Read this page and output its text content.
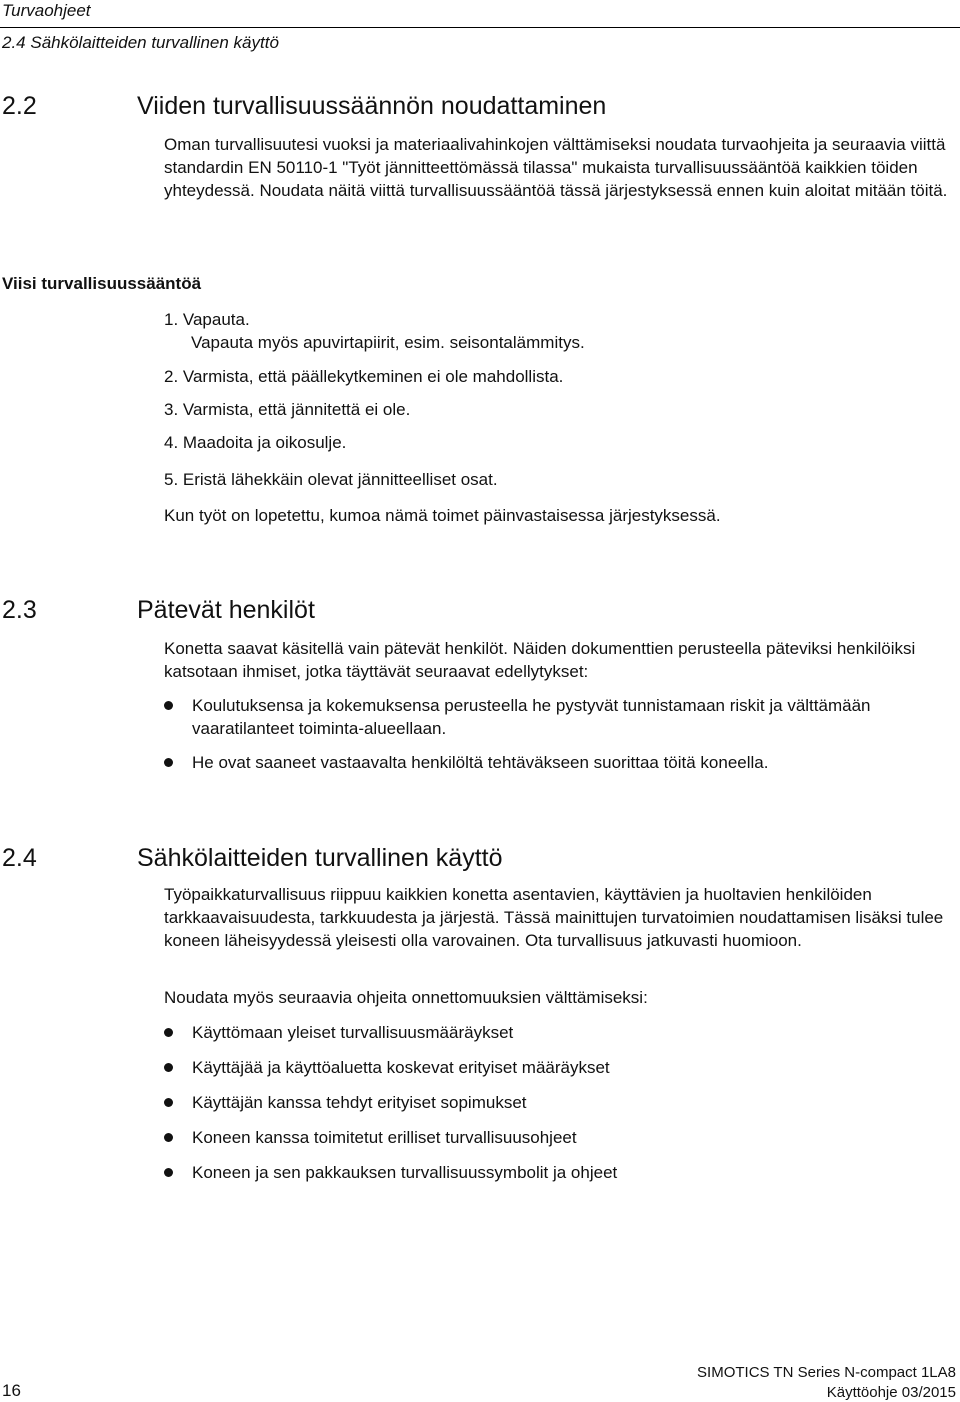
Turvaohjeet
2.4 Sähkölaitteiden turvallinen käyttö
2.2	Viiden turvallisuussäännön noudattaminen
Oman turvallisuutesi vuoksi ja materiaalivahinkojen välttämiseksi noudata turvaohjeita ja seuraavia viittä standardin EN 50110-1 "Työt jännitteettömässä tilassa" mukaista turvallisuussääntöä kaikkien töiden yhteydessä. Noudata näitä viittä turvallisuussääntöä tässä järjestyksessä ennen kuin aloitat mitään töitä.
Viisi turvallisuussääntöä
1. Vapauta.
Vapauta myös apuvirtapiirit, esim. seisontalämmitys.
2. Varmista, että päällekytkeminen ei ole mahdollista.
3. Varmista, että jännitettä ei ole.
4. Maadoita ja oikosulje.
5. Eristä lähekkäin olevat jännitteelliset osat.
Kun työt on lopetettu, kumoa nämä toimet päinvastaisessa järjestyksessä.
2.3	Pätevät henkilöt
Konetta saavat käsitellä vain pätevät henkilöt. Näiden dokumenttien perusteella päteviksi henkilöiksi katsotaan ihmiset, jotka täyttävät seuraavat edellytykset:
Koulutuksensa ja kokemuksensa perusteella he pystyvät tunnistamaan riskit ja välttämään vaaratilanteet toiminta-alueellaan.
He ovat saaneet vastaavalta henkilöltä tehtäväkseen suorittaa töitä koneella.
2.4	Sähkölaitteiden turvallinen käyttö
Työpaikkaturvallisuus riippuu kaikkien konetta asentavien, käyttävien ja huoltavien henkilöiden tarkkaavaisuudesta, tarkkuudesta ja järjestä. Tässä mainittujen turvatoimien noudattamisen lisäksi tulee koneen läheisyydessä yleisesti olla varovainen. Ota turvallisuus jatkuvasti huomioon.
Noudata myös seuraavia ohjeita onnettomuuksien välttämiseksi:
Käyttömaan yleiset turvallisuusmääräykset
Käyttäjää ja käyttöaluetta koskevat erityiset määräykset
Käyttäjän kanssa tehdyt erityiset sopimukset
Koneen kanssa toimitetut erilliset turvallisuusohjeet
Koneen ja sen pakkauksen turvallisuussymbolit ja ohjeet
16
SIMOTICS TN Series N-compact 1LA8
Käyttöohje 03/2015
